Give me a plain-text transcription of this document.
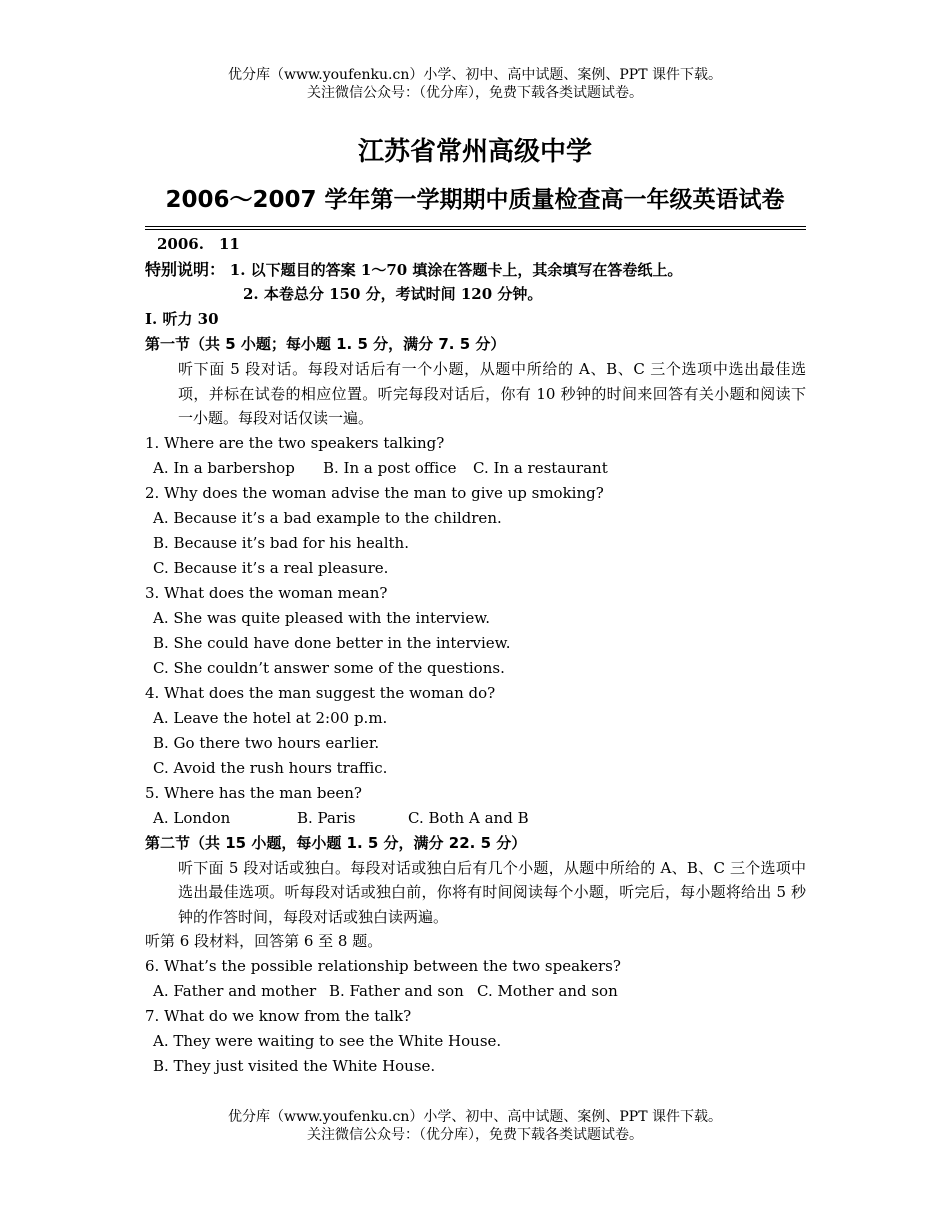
优分库（www.youfenku.cn）小学、初中、高中试题、案例、PPT 课件下载。
关注微信公众号：（优分库），免费下载各类试题试卷。
江苏省常州高级中学
2006～2007 学年第一学期期中质量检查高一年级英语试卷
2006.　11
特别说明： 1. 以下题目的答案 1～70 填涂在答题卡上，其余填写在答卷纸上。
2. 本卷总分 150 分，考试时间 120 分钟。
Ⅰ. 听力 30
第一节（共 5 小题；每小题 1. 5 分，满分 7. 5 分）
听下面 5 段对话。每段对话后有一个小题，从题中所给的 A、B、C 三个选项中选出最佳选项，并标在试卷的相应位置。听完每段对话后，你有 10 秒钟的时间来回答有关小题和阅读下一小题。每段对话仅读一遍。
1. Where are the two speakers talking?
A. In a barbershop B. In a post office C. In a restaurant
2. Why does the woman advise the man to give up smoking?
A. Because it’s a bad example to the children.
B. Because it’s bad for his health.
C. Because it’s a real pleasure.
3. What does the woman mean?
A. She was quite pleased with the interview.
B. She could have done better in the interview.
C. She couldn’t answer some of the questions.
4. What does the man suggest the woman do?
A. Leave the hotel at 2:00 p.m.
B. Go there two hours earlier.
C. Avoid the rush hours traffic.
5. Where has the man been?
A. London	B. Paris	C. Both A and B
第二节（共 15 小题，每小题 1. 5 分，满分 22. 5 分）
听下面 5 段对话或独白。每段对话或独白后有几个小题，从题中所给的 A、B、C 三个选项中选出最佳选项。听每段对话或独白前，你将有时间阅读每个小题，听完后，每小题将给出 5 秒钟的作答时间，每段对话或独白读两遍。
听第 6 段材料，回答第 6 至 8 题。
6. What’s the possible relationship between the two speakers?
A. Father and mother B. Father and son C. Mother and son
7. What do we know from the talk?
A. They were waiting to see the White House.
B. They just visited the White House.
优分库（www.youfenku.cn）小学、初中、高中试题、案例、PPT 课件下载。
关注微信公众号：（优分库），免费下载各类试题试卷。
